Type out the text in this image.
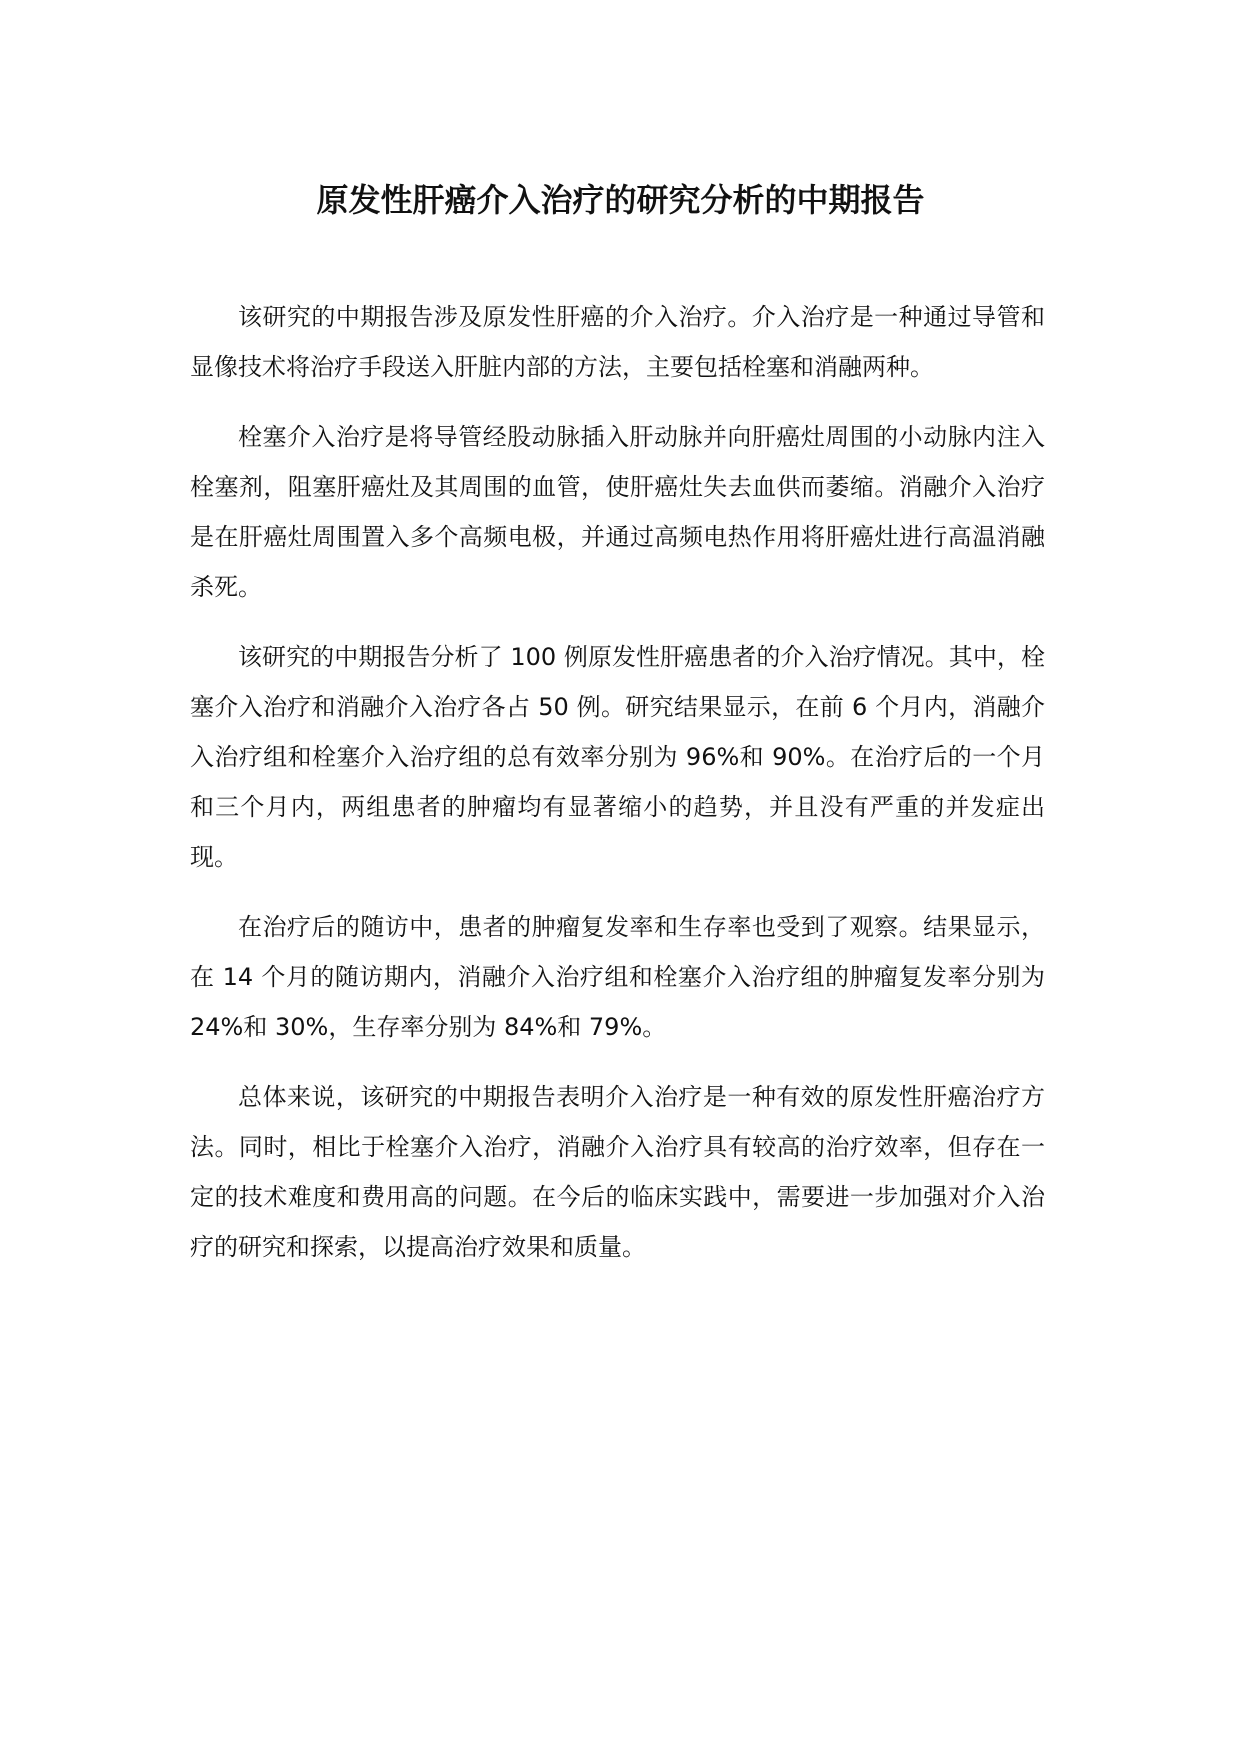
原发性肝癌介入治疗的研究分析的中期报告

该研究的中期报告涉及原发性肝癌的介入治疗。介入治疗是一种通过导管和显像技术将治疗手段送入肝脏内部的方法，主要包括栓塞和消融两种。

栓塞介入治疗是将导管经股动脉插入肝动脉并向肝癌灶周围的小动脉内注入栓塞剂，阻塞肝癌灶及其周围的血管，使肝癌灶失去血供而萎缩。消融介入治疗是在肝癌灶周围置入多个高频电极，并通过高频电热作用将肝癌灶进行高温消融杀死。

该研究的中期报告分析了 100 例原发性肝癌患者的介入治疗情况。其中，栓塞介入治疗和消融介入治疗各占 50 例。研究结果显示，在前 6 个月内，消融介入治疗组和栓塞介入治疗组的总有效率分别为 96%和 90%。在治疗后的一个月和三个月内，两组患者的肿瘤均有显著缩小的趋势，并且没有严重的并发症出现。

在治疗后的随访中，患者的肿瘤复发率和生存率也受到了观察。结果显示，在 14 个月的随访期内，消融介入治疗组和栓塞介入治疗组的肿瘤复发率分别为 24%和 30%，生存率分别为 84%和 79%。

总体来说，该研究的中期报告表明介入治疗是一种有效的原发性肝癌治疗方法。同时，相比于栓塞介入治疗，消融介入治疗具有较高的治疗效率，但存在一定的技术难度和费用高的问题。在今后的临床实践中，需要进一步加强对介入治疗的研究和探索，以提高治疗效果和质量。
